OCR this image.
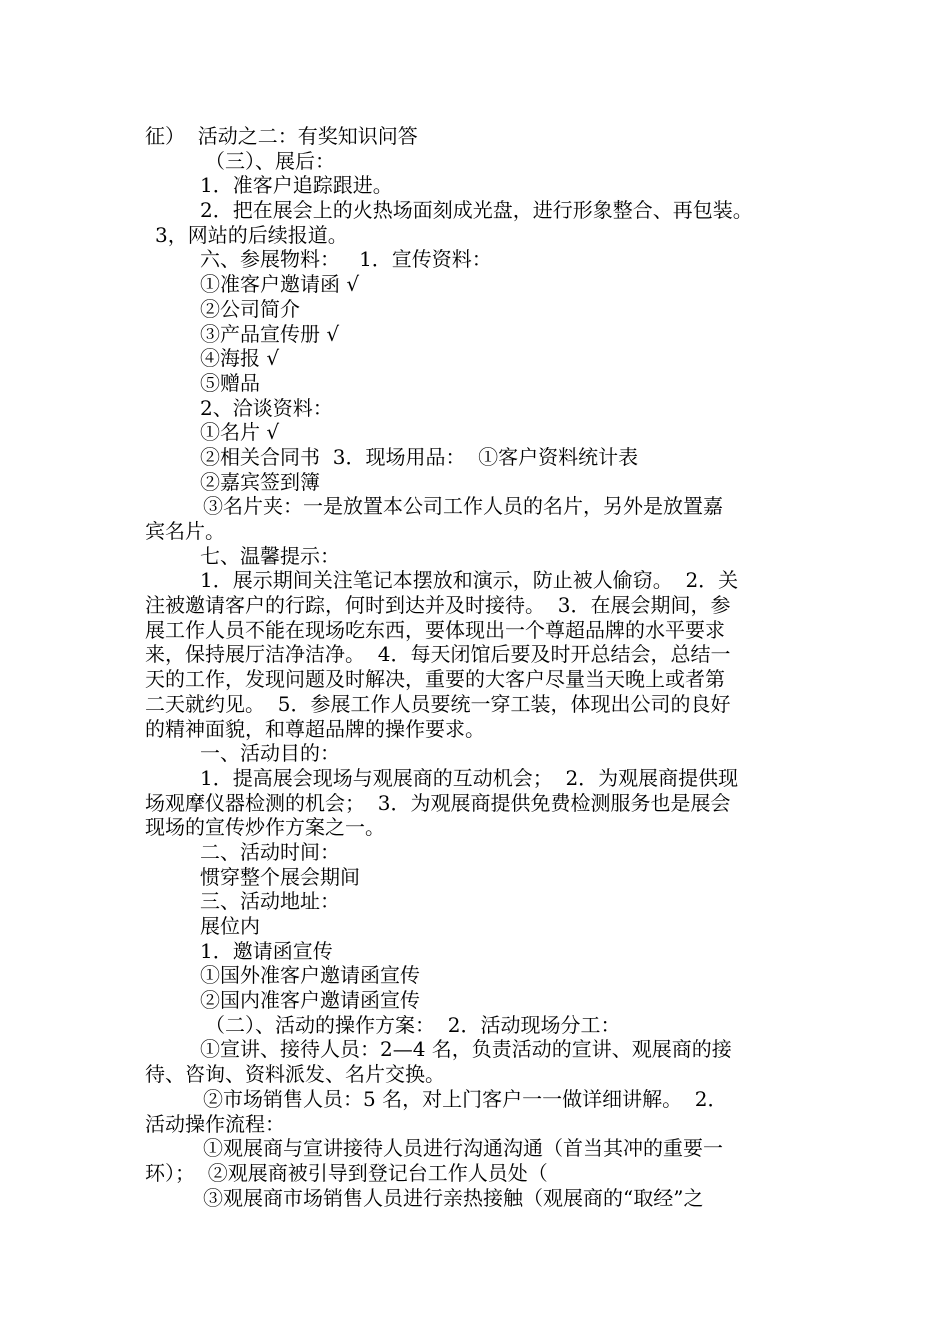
征）  活动之二：有奖知识问答
（三）、展后：
1．准客户追踪跟进。
2．把在展会上的火热场面刻成光盘，进行形象整合、再包装。
3，网站的后续报道。
六、参展物料：   1．宣传资料：
①准客户邀请函 √
②公司简介
③产品宣传册 √
④海报 √
⑤赠品
2、洽谈资料：
①名片 √
②相关合同书  3．现场用品：  ①客户资料统计表
②嘉宾签到簿
③名片夹：一是放置本公司工作人员的名片，另外是放置嘉
宾名片。
七、温馨提示：
1．展示期间关注笔记本摆放和演示，防止被人偷窃。  2．关
注被邀请客户的行踪，何时到达并及时接待。  3．在展会期间，参
展工作人员不能在现场吃东西，要体现出一个尊超品牌的水平要求
来，保持展厅洁净洁净。  4．每天闭馆后要及时开总结会，总结一
天的工作，发现问题及时解决，重要的大客户尽量当天晚上或者第
二天就约见。  5．参展工作人员要统一穿工装，体现出公司的良好
的精神面貌，和尊超品牌的操作要求。
一、活动目的：
1．提高展会现场与观展商的互动机会；  2．为观展商提供现
场观摩仪器检测的机会；  3．为观展商提供免费检测服务也是展会
现场的宣传炒作方案之一。
二、活动时间：
惯穿整个展会期间
三、活动地址：
展位内
1．邀请函宣传
①国外准客户邀请函宣传
②国内准客户邀请函宣传
（二）、活动的操作方案：  2．活动现场分工：
①宣讲、接待人员：2—4 名，负责活动的宣讲、观展商的接
待、咨询、资料派发、名片交换。
②市场销售人员：5 名，对上门客户一一做详细讲解。  2．
活动操作流程：
①观展商与宣讲接待人员进行沟通沟通（首当其冲的重要一
环）；  ②观展商被引导到登记台工作人员处（
③观展商市场销售人员进行亲热接触（观展商的“取经”之
